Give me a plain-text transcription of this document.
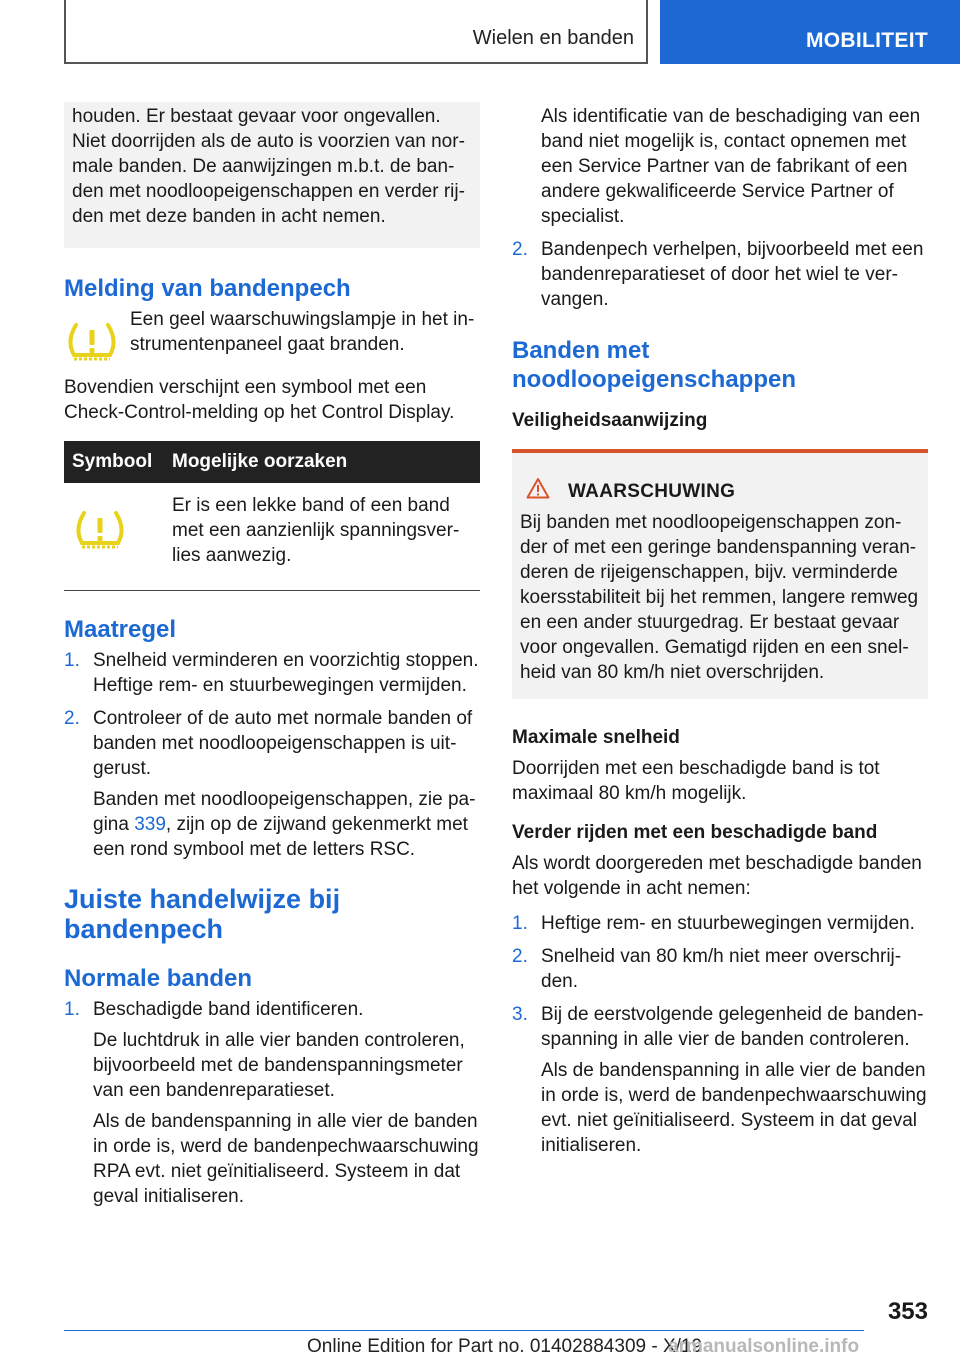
Wielen en banden	MOBILITEIT

houden. Er bestaat gevaar voor ongevallen. Niet doorrijden als de auto is voorzien van normale banden. De aanwijzingen m.b.t. de banden met noodloopeigenschappen en verder rijden met deze banden in acht nemen.

Melding van bandenpech

Een geel waarschuwingslampje in het instrumentenpaneel gaat branden.

Bovendien verschijnt een symbool met een Check-Control-melding op het Control Display.

Symbool	Mogelijke oorzaken
	Er is een lekke band of een band met een aanzienlijk spanningsverlies aanwezig.
Maatregel
1. Snelheid verminderen en voorzichtig stoppen. Heftige rem- en stuurbewegingen vermijden.
2. Controleer of de auto met normale banden of banden met noodloopeigenschappen is uitgerust.
Banden met noodloopeigenschappen, zie pagina 339, zijn op de zijwand gekenmerkt met een rond symbool met de letters RSC.
Juiste handelwijze bij bandenpech
Normale banden
1. Beschadigde band identificeren.
De luchtdruk in alle vier banden controleren, bijvoorbeeld met de bandenspanningsmeter van een bandenreparatieset.
Als de bandenspanning in alle vier de banden in orde is, werd de bandenpechwaarschuwing RPA evt. niet geïnitialiseerd. Systeem in dat geval initialiseren.

Als identificatie van de beschadiging van een band niet mogelijk is, contact opnemen met een Service Partner van de fabrikant of een andere gekwalificeerde Service Partner of specialist.

2. Bandenpech verhelpen, bijvoorbeeld met een bandenreparatieset of door het wiel te vervangen.
Banden met noodloopeigenschappen
Veiligheidsaanwijzing
WAARSCHUWING

Bij banden met noodloopeigenschappen zonder of met een geringe bandenspanning veranderen de rijeigenschappen, bijv. verminderde koersstabiliteit bij het remmen, langere remweg en een ander stuurgedrag. Er bestaat gevaar voor ongevallen. Gematigd rijden en een snelheid van 80 km/h niet overschrijden.

Maximale snelheid

Doorrijden met een beschadigde band is tot maximaal 80 km/h mogelijk.

Verder rijden met een beschadigde band

Als wordt doorgereden met beschadigde banden het volgende in acht nemen:

1. Heftige rem- en stuurbewegingen vermijden.
2. Snelheid van 80 km/h niet meer overschrijden.
3. Bij de eerstvolgende gelegenheid de bandenspanning in alle vier de banden controleren.
Als de bandenspanning in alle vier de banden in orde is, werd de bandenpechwaarschuwing evt. niet geïnitialiseerd. Systeem in dat geval initialiseren.
353
Online Edition for Part no. 01402884309 - X/19
armanualsonline.info
